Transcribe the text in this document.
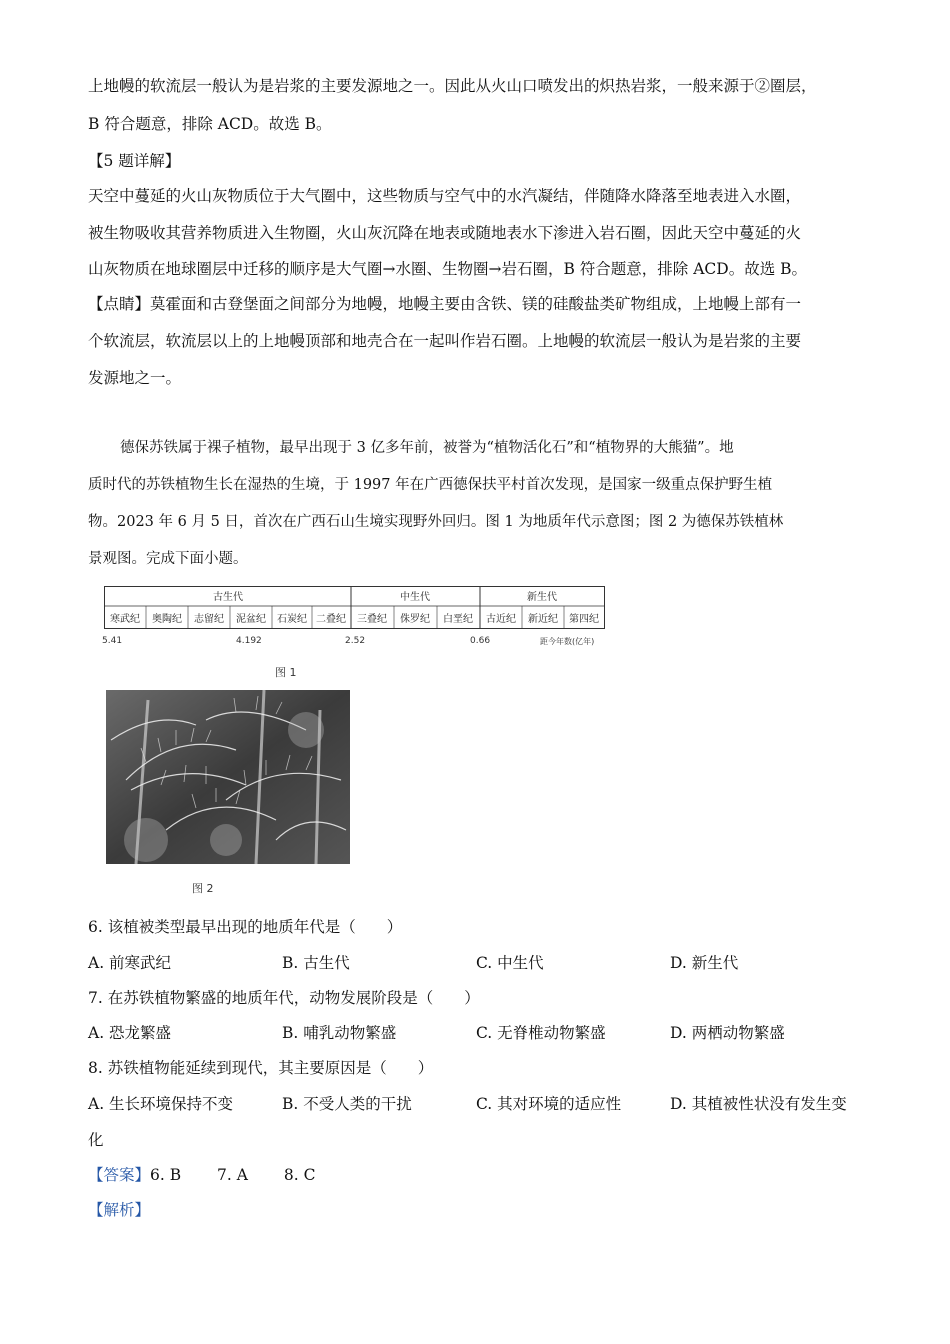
上地幔的软流层一般认为是岩浆的主要发源地之一。因此从火山口喷发出的炽热岩浆，一般来源于②圈层，
B 符合题意，排除 ACD。故选 B。
【5 题详解】
天空中蔓延的火山灰物质位于大气圈中，这些物质与空气中的水汽凝结，伴随降水降落至地表进入水圈，
被生物吸收其营养物质进入生物圈，火山灰沉降在地表或随地表水下渗进入岩石圈，因此天空中蔓延的火
山灰物质在地球圈层中迁移的顺序是大气圈→水圈、生物圈→岩石圈，B 符合题意，排除 ACD。故选 B。
【点睛】莫霍面和古登堡面之间部分为地幔，地幔主要由含铁、镁的硅酸盐类矿物组成，上地幔上部有一
个软流层，软流层以上的上地幔顶部和地壳合在一起叫作岩石圈。上地幔的软流层一般认为是岩浆的主要
发源地之一。
德保苏铁属于裸子植物，最早出现于 3 亿多年前，被誉为“植物活化石”和“植物界的大熊猫”。地
质时代的苏铁植物生长在湿热的生境，于 1997 年在广西德保扶平村首次发现，是国家一级重点保护野生植
物。2023 年 6 月 5 日，首次在广西石山生境实现野外回归。图 1 为地质年代示意图；图 2 为德保苏铁植林
景观图。完成下面小题。
古生代	中生代	新生代
寒武纪 奥陶纪 志留纪 泥盆纪 石炭纪 二叠纪 三叠纪 侏罗纪 白垩纪 古近纪 新近纪 第四纪
5.41	4.192	2.52	0.66	距今年数(亿年)
图 1
图 2
6. 该植被类型最早出现的地质年代是（　　）
A. 前寒武纪	B. 古生代	C. 中生代	D. 新生代
7. 在苏铁植物繁盛的地质年代，动物发展阶段是（　　）
A. 恐龙繁盛	B. 哺乳动物繁盛	C. 无脊椎动物繁盛	D. 两栖动物繁盛
8. 苏铁植物能延续到现代，其主要原因是（　　）
A. 生长环境保持不变	B. 不受人类的干扰	C. 其对环境的适应性	D. 其植被性状没有发生变
化
【答案】6. B　　 7. A　　 8. C
【解析】
